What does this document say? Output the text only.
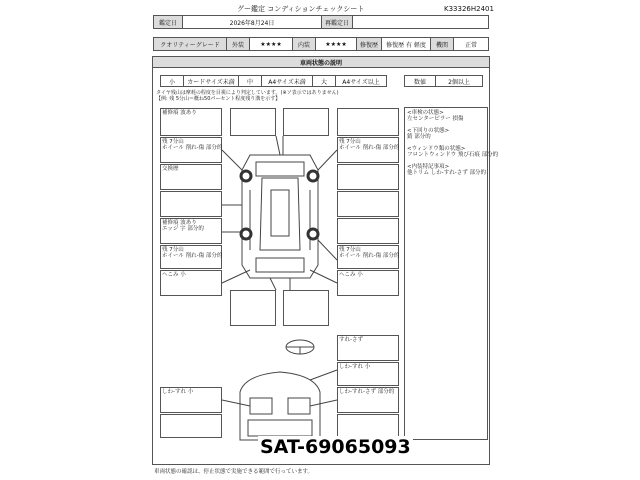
グー鑑定 コンディションチェックシート	K33326H2401
鑑定日	2026年8月24日	再鑑定日
クオリティーグレード	外装	★★★★	内装	★★★★	修復歴	修復歴 有 軽度	機関	正常
車両状態の説明
小	カードサイズ未満	中	A4サイズ未満	大	A4サイズ以上	数値	2個以上
タイヤ残山は摩耗の程度を目視により判定しています。(※ソ表示ではありません)
【例: 残 5分山＝概ね50パーセント程度残り溝を示す】
<車検の状態>
左センターピラー 損傷
<下回りの状態>
錆 部分的
<ウィンドウ類の状態>
フロントウィンドウ 飛び石痕 部分的
<内装特記事項>
他トリム しわ-すれ-さず 部分的
補修痕 波あり
残 7分山
ホイール 削れ-傷 部分的
交換歴
補修痕 波あり
エッジ 字 部分的
残 7分山
ホイール 削れ-傷 部分的
へこみ 小
残 7分山
ホイール 削れ-傷 部分的
残 7分山
ホイール 削れ-傷 部分的
へこみ 小
すれ-さず
しわ-すれ 小
しわ-すれ-さず 部分的
しわ-すれ 小
SAT-69065093
車両状態の確認は、停止状態で実施できる範囲で行っています。
